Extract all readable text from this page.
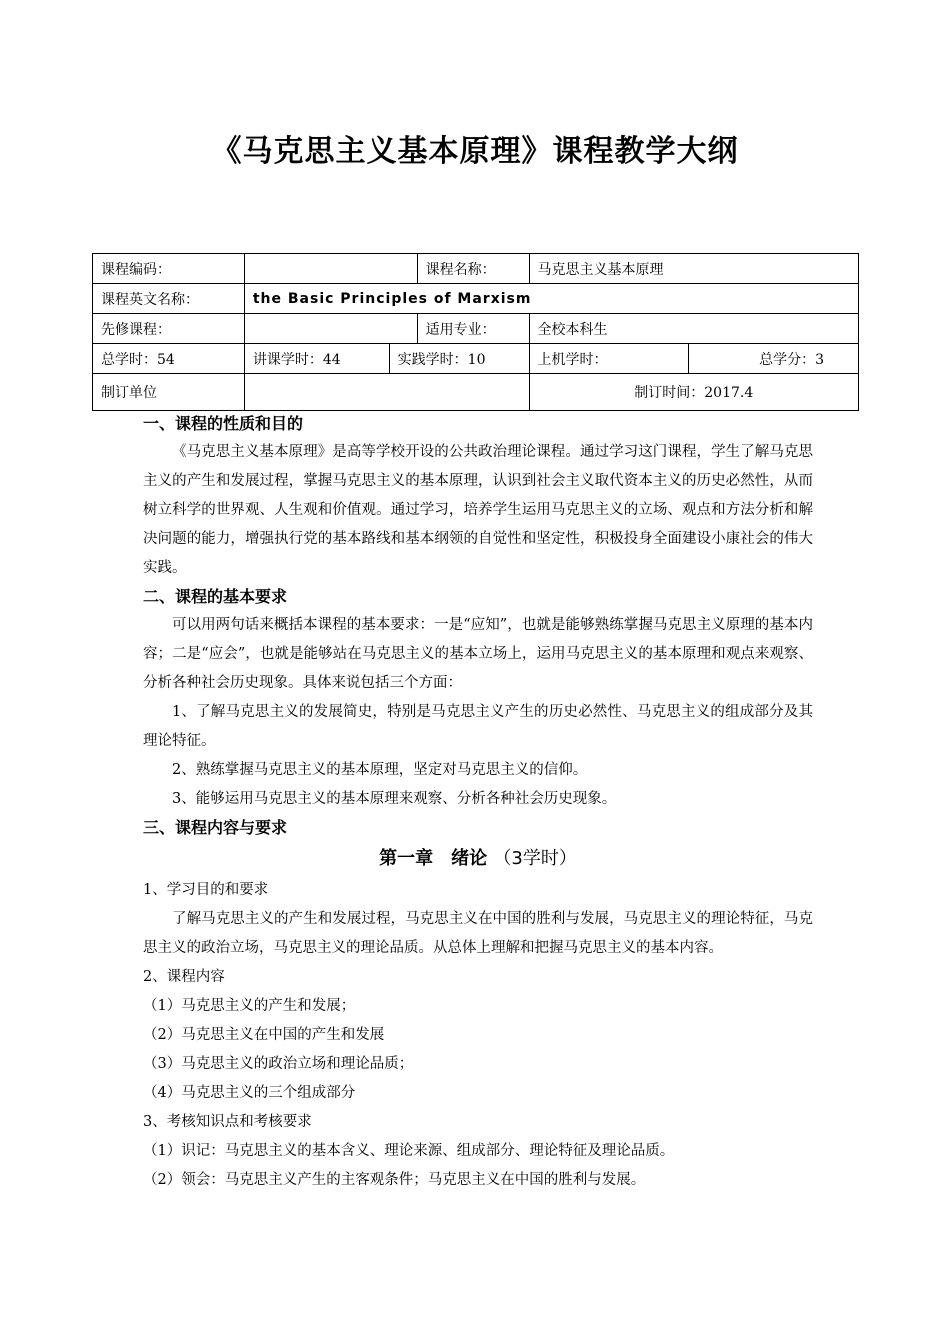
《马克思主义基本原理》课程教学大纲
课程编码：			课程名称：	马克思主义基本原理	
课程英文名称：	the Basic Principles of Marxism				
先修课程：			适用专业：	全校本科生	
总学时：54	讲课学时：44	实践学时：10		上机学时：	总学分：3
制订单位				制订时间：2017.4	
一、课程的性质和目的
《马克思主义基本原理》是高等学校开设的公共政治理论课程。通过学习这门课程，学生了解马克思主义的产生和发展过程，掌握马克思主义的基本原理，认识到社会主义取代资本主义的历史必然性，从而树立科学的世界观、人生观和价值观。通过学习，培养学生运用马克思主义的立场、观点和方法分析和解决问题的能力，增强执行党的基本路线和基本纲领的自觉性和坚定性，积极投身全面建设小康社会的伟大实践。
二、课程的基本要求
可以用两句话来概括本课程的基本要求：一是“应知”，也就是能够熟练掌握马克思主义原理的基本内容；二是“应会”，也就是能够站在马克思主义的基本立场上，运用马克思主义的基本原理和观点来观察、分析各种社会历史现象。具体来说包括三个方面：
1、了解马克思主义的发展简史，特别是马克思主义产生的历史必然性、马克思主义的组成部分及其理论特征。
2、熟练掌握马克思主义的基本原理，坚定对马克思主义的信仰。
3、能够运用马克思主义的基本原理来观察、分析各种社会历史现象。
三、课程内容与要求
第一章　绪论 （3学时）
1、学习目的和要求
了解马克思主义的产生和发展过程，马克思主义在中国的胜利与发展，马克思主义的理论特征，马克思主义的政治立场，马克思主义的理论品质。从总体上理解和把握马克思主义的基本内容。
2、课程内容
（1）马克思主义的产生和发展；
（2）马克思主义在中国的产生和发展
（3）马克思主义的政治立场和理论品质；
（4）马克思主义的三个组成部分
3、考核知识点和考核要求
（1）识记：马克思主义的基本含义、理论来源、组成部分、理论特征及理论品质。
（2）领会：马克思主义产生的主客观条件；马克思主义在中国的胜利与发展。
